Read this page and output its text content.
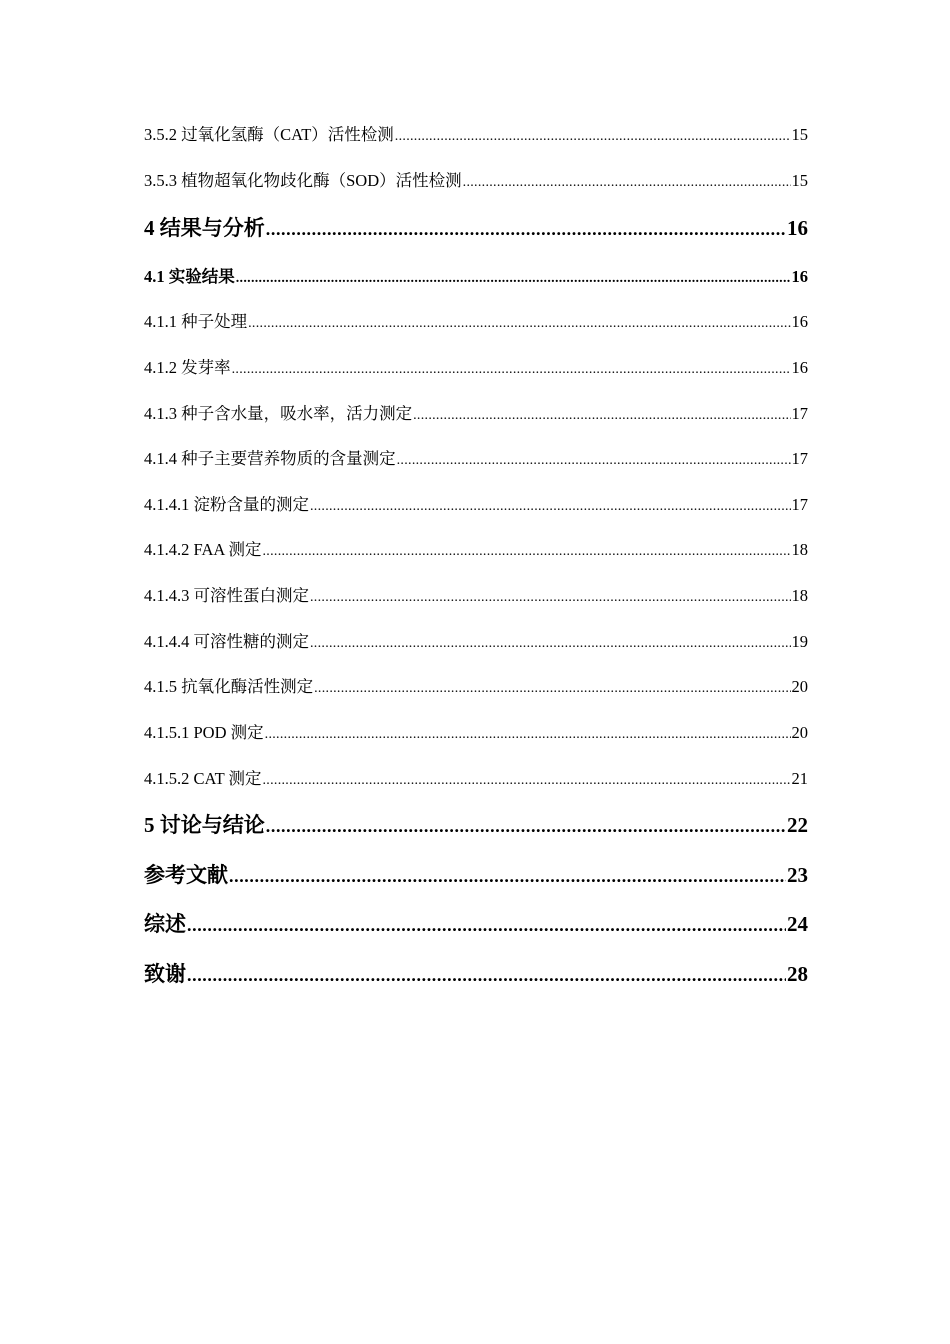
3.5.2 过氧化氢酶（CAT）活性检测 .....	15
3.5.3 植物超氧化物歧化酶（SOD）活性检测 .....	15
4 结果与分析 .....	16
4.1 实验结果 .....	16
4.1.1 种子处理 .....	16
4.1.2 发芽率 .....	16
4.1.3 种子含水量，吸水率，活力测定 .....	17
4.1.4 种子主要营养物质的含量测定 .....	17
4.1.4.1 淀粉含量的测定 .....	17
4.1.4.2 FAA 测定 .....	18
4.1.4.3 可溶性蛋白测定 .....	18
4.1.4.4 可溶性糖的测定 .....	19
4.1.5 抗氧化酶活性测定 .....	20
4.1.5.1 POD 测定 .....	20
4.1.5.2 CAT 测定 .....	21
5 讨论与结论 .....	22
参考文献 .....	23
综述 .....	24
致谢 .....	28
